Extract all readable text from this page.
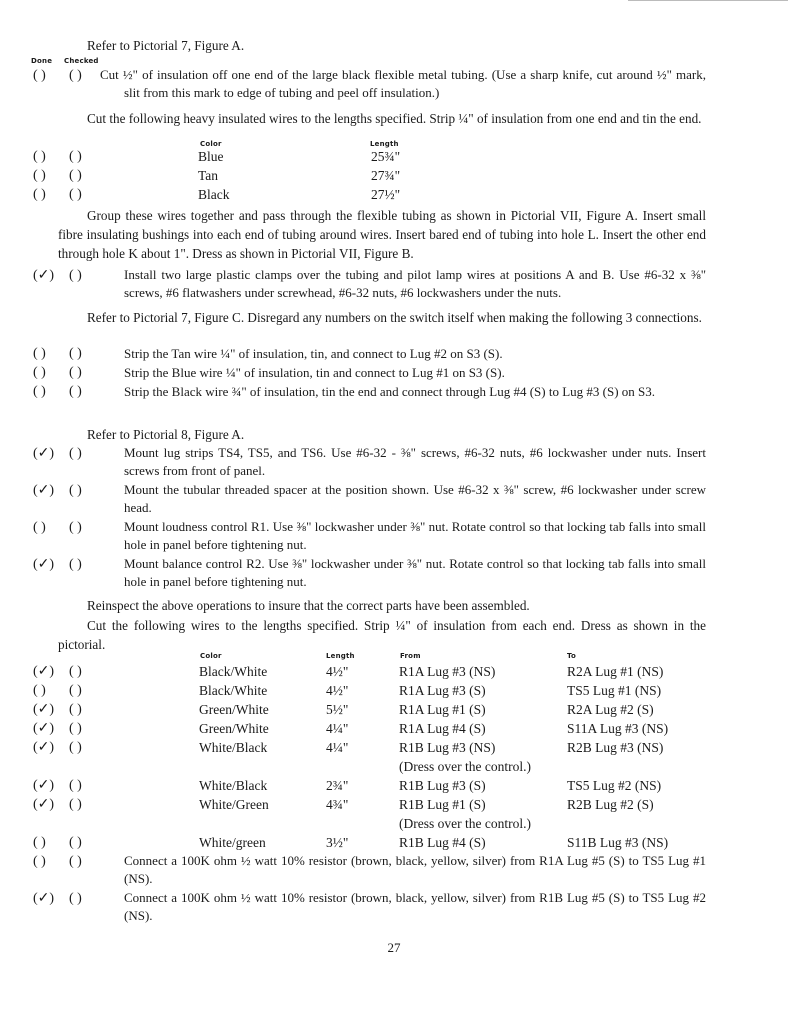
Refer to Pictorial 7, Figure A.
Done Checked
( )	( )	Cut ½" of insulation off one end of the large black flexible metal tubing. (Use a sharp knife, cut around ½" mark, slit from this mark to edge of tubing and peel off insulation.)
Cut the following heavy insulated wires to the lengths specified. Strip ¼" of insulation from one end and tin the end.
Color	Length
( )	( )	Blue	25¾"
( )	( )	Tan	27¾"
( )	( )	Black	27½"
Group these wires together and pass through the flexible tubing as shown in Pictorial VII, Figure A. Insert small fibre insulating bushings into each end of tubing around wires. Insert bared end of tubing into hole L. Insert the other end through hole K about 1". Dress as shown in Pictorial VII, Figure B.
(✓)	( )	Install two large plastic clamps over the tubing and pilot lamp wires at positions A and B. Use #6-32 x ⅜" screws, #6 flatwashers under screwhead, #6-32 nuts, #6 lockwashers under the nuts.
Refer to Pictorial 7, Figure C. Disregard any numbers on the switch itself when making the following 3 connections.
( )	( )	Strip the Tan wire ¼" of insulation, tin, and connect to Lug #2 on S3 (S).
( )	( )	Strip the Blue wire ¼" of insulation, tin and connect to Lug #1 on S3 (S).
( )	( )	Strip the Black wire ¾" of insulation, tin the end and connect through Lug #4 (S) to Lug #3 (S) on S3.
Refer to Pictorial 8, Figure A.
(✓)	( )	Mount lug strips TS4, TS5, and TS6. Use #6-32 - ⅜" screws, #6-32 nuts, #6 lockwasher under nuts. Insert screws from front of panel.
(✓)	( )	Mount the tubular threaded spacer at the position shown. Use #6-32 x ⅜" screw, #6 lockwasher under screw head.
( )	( )	Mount loudness control R1. Use ⅜" lockwasher under ⅜" nut. Rotate control so that locking tab falls into small hole in panel before tightening nut.
(✓)	( )	Mount balance control R2. Use ⅜" lockwasher under ⅜" nut. Rotate control so that locking tab falls into small hole in panel before tightening nut.
Reinspect the above operations to insure that the correct parts have been assembled.
Cut the following wires to the lengths specified. Strip ¼" of insulation from each end. Dress as shown in the pictorial.
Color	Length	From	To
(✓)	( )	Black/White	4½"	R1A Lug #3 (NS)	R2A Lug #1 (NS)
( )	( )	Black/White	4½"	R1A Lug #3 (S)	TS5 Lug #1 (NS)
(✓)	( )	Green/White	5½"	R1A Lug #1 (S)	R2A Lug #2 (S)
(✓)	( )	Green/White	4¼"	R1A Lug #4 (S)	S11A Lug #3 (NS)
(✓)	( )	White/Black	4¼"	R1B Lug #3 (NS)	R2B Lug #3 (NS)
(Dress over the control.)
(✓)	( )	White/Black	2¾"	R1B Lug #3 (S)	TS5 Lug #2 (NS)
(✓)	( )	White/Green	4¾"	R1B Lug #1 (S)	R2B Lug #2 (S)
(Dress over the control.)
( )	( )	White/green	3½"	R1B Lug #4 (S)	S11B Lug #3 (NS)
( )	( )	Connect a 100K ohm ½ watt 10% resistor (brown, black, yellow, silver) from R1A Lug #5 (S) to TS5 Lug #1 (NS).
(✓)	( )	Connect a 100K ohm ½ watt 10% resistor (brown, black, yellow, silver) from R1B Lug #5 (S) to TS5 Lug #2 (NS).
27
